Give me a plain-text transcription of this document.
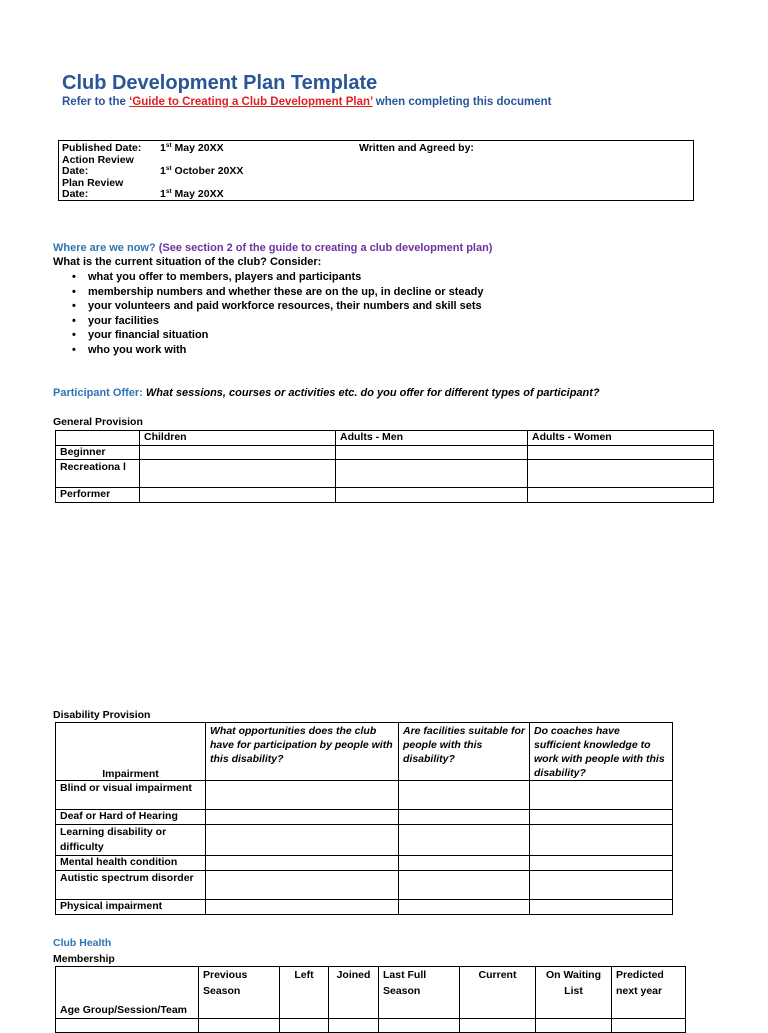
Club Development Plan Template
Refer to the ‘Guide to Creating a Club Development Plan’ when completing this document
Published Date: 1st May 20XX	Written and Agreed by:
Action Review
Date:	1st October 20XX
Plan Review
Date:	1st May 20XX
Where are we now? (See section 2 of the guide to creating a club development plan)
What is the current situation of the club? Consider:
• what you offer to members, players and participants
• membership numbers and whether these are on the up, in decline or steady
• your volunteers and paid workforce resources, their numbers and skill sets
• your facilities
• your financial situation
• who you work with
Participant Offer: What sessions, courses or activities etc. do you offer for different types of participant?
General Provision
	Children	Adults - Men	Adults - Women
Beginner			
Recreationa l			
Performer			
Disability Provision
Impairment	What opportunities does the club have for participation by people with this disability?	Are facilities suitable for people with this disability?	Do coaches have sufficient knowledge to work with people with this disability?
Blind or visual impairment			
Deaf or Hard of Hearing			
Learning disability or difficulty			
Mental health condition			
Autistic spectrum disorder			
Physical impairment			
Club Health
Membership
Age Group/Session/Team	Previous Season	Left	Joined	Last Full Season	Current	On Waiting List	Predicted next year
